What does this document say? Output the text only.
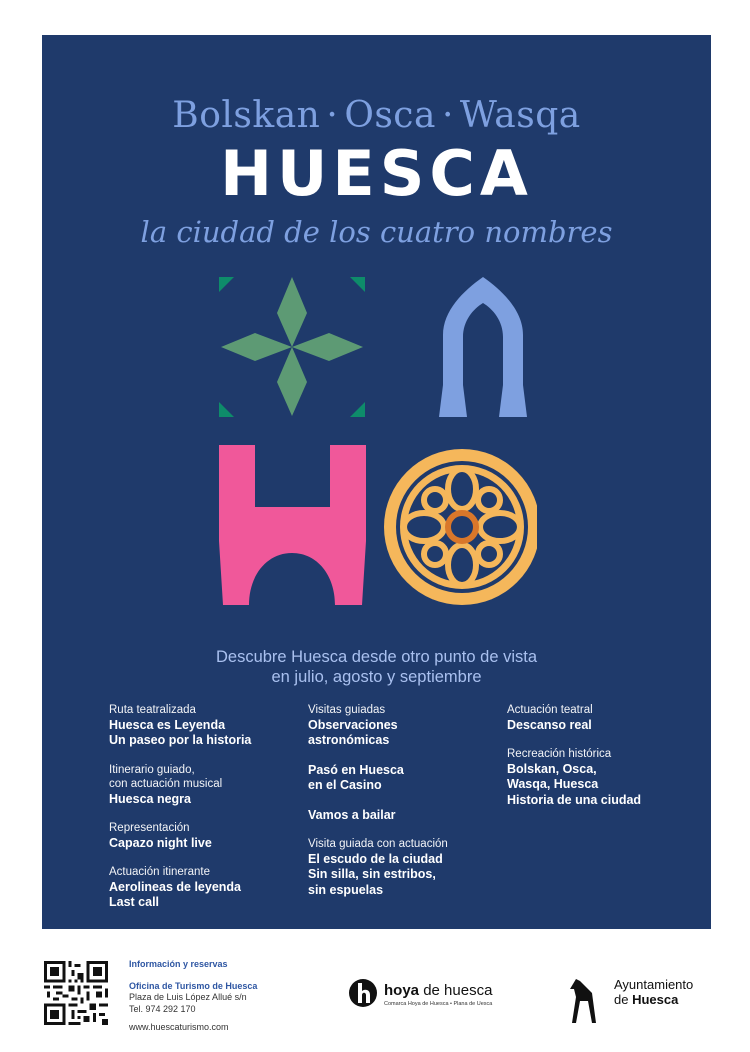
Bolskan · Osca · Wasqa
HUESCA
la ciudad de los cuatro nombres
Descubre Huesca desde otro punto de vista
en julio, agosto y septiembre
Ruta teatralizada
Huesca es Leyenda
Un paseo por la historia
Itinerario guiado,
con actuación musical
Huesca negra
Representación
Capazo night live
Actuación itinerante
Aerolineas de leyenda
Last call
Visitas guiadas
Observaciones
astronómicas
Pasó en Huesca
en el Casino
Vamos a bailar
Visita guiada con actuación
El escudo de la ciudad
Sin silla, sin estribos,
sin espuelas
Actuación teatral
Descanso real
Recreación histórica
Bolskan, Osca,
Wasqa, Huesca
Historia de una ciudad
Información y reservas
Oficina de Turismo de Huesca
Plaza de Luis López Allué s/n
Tel. 974 292 170
www.huescaturismo.com
hoya de huesca
Comarca Hoya de Huesca • Plana de Uesca
Ayuntamiento
de Huesca
